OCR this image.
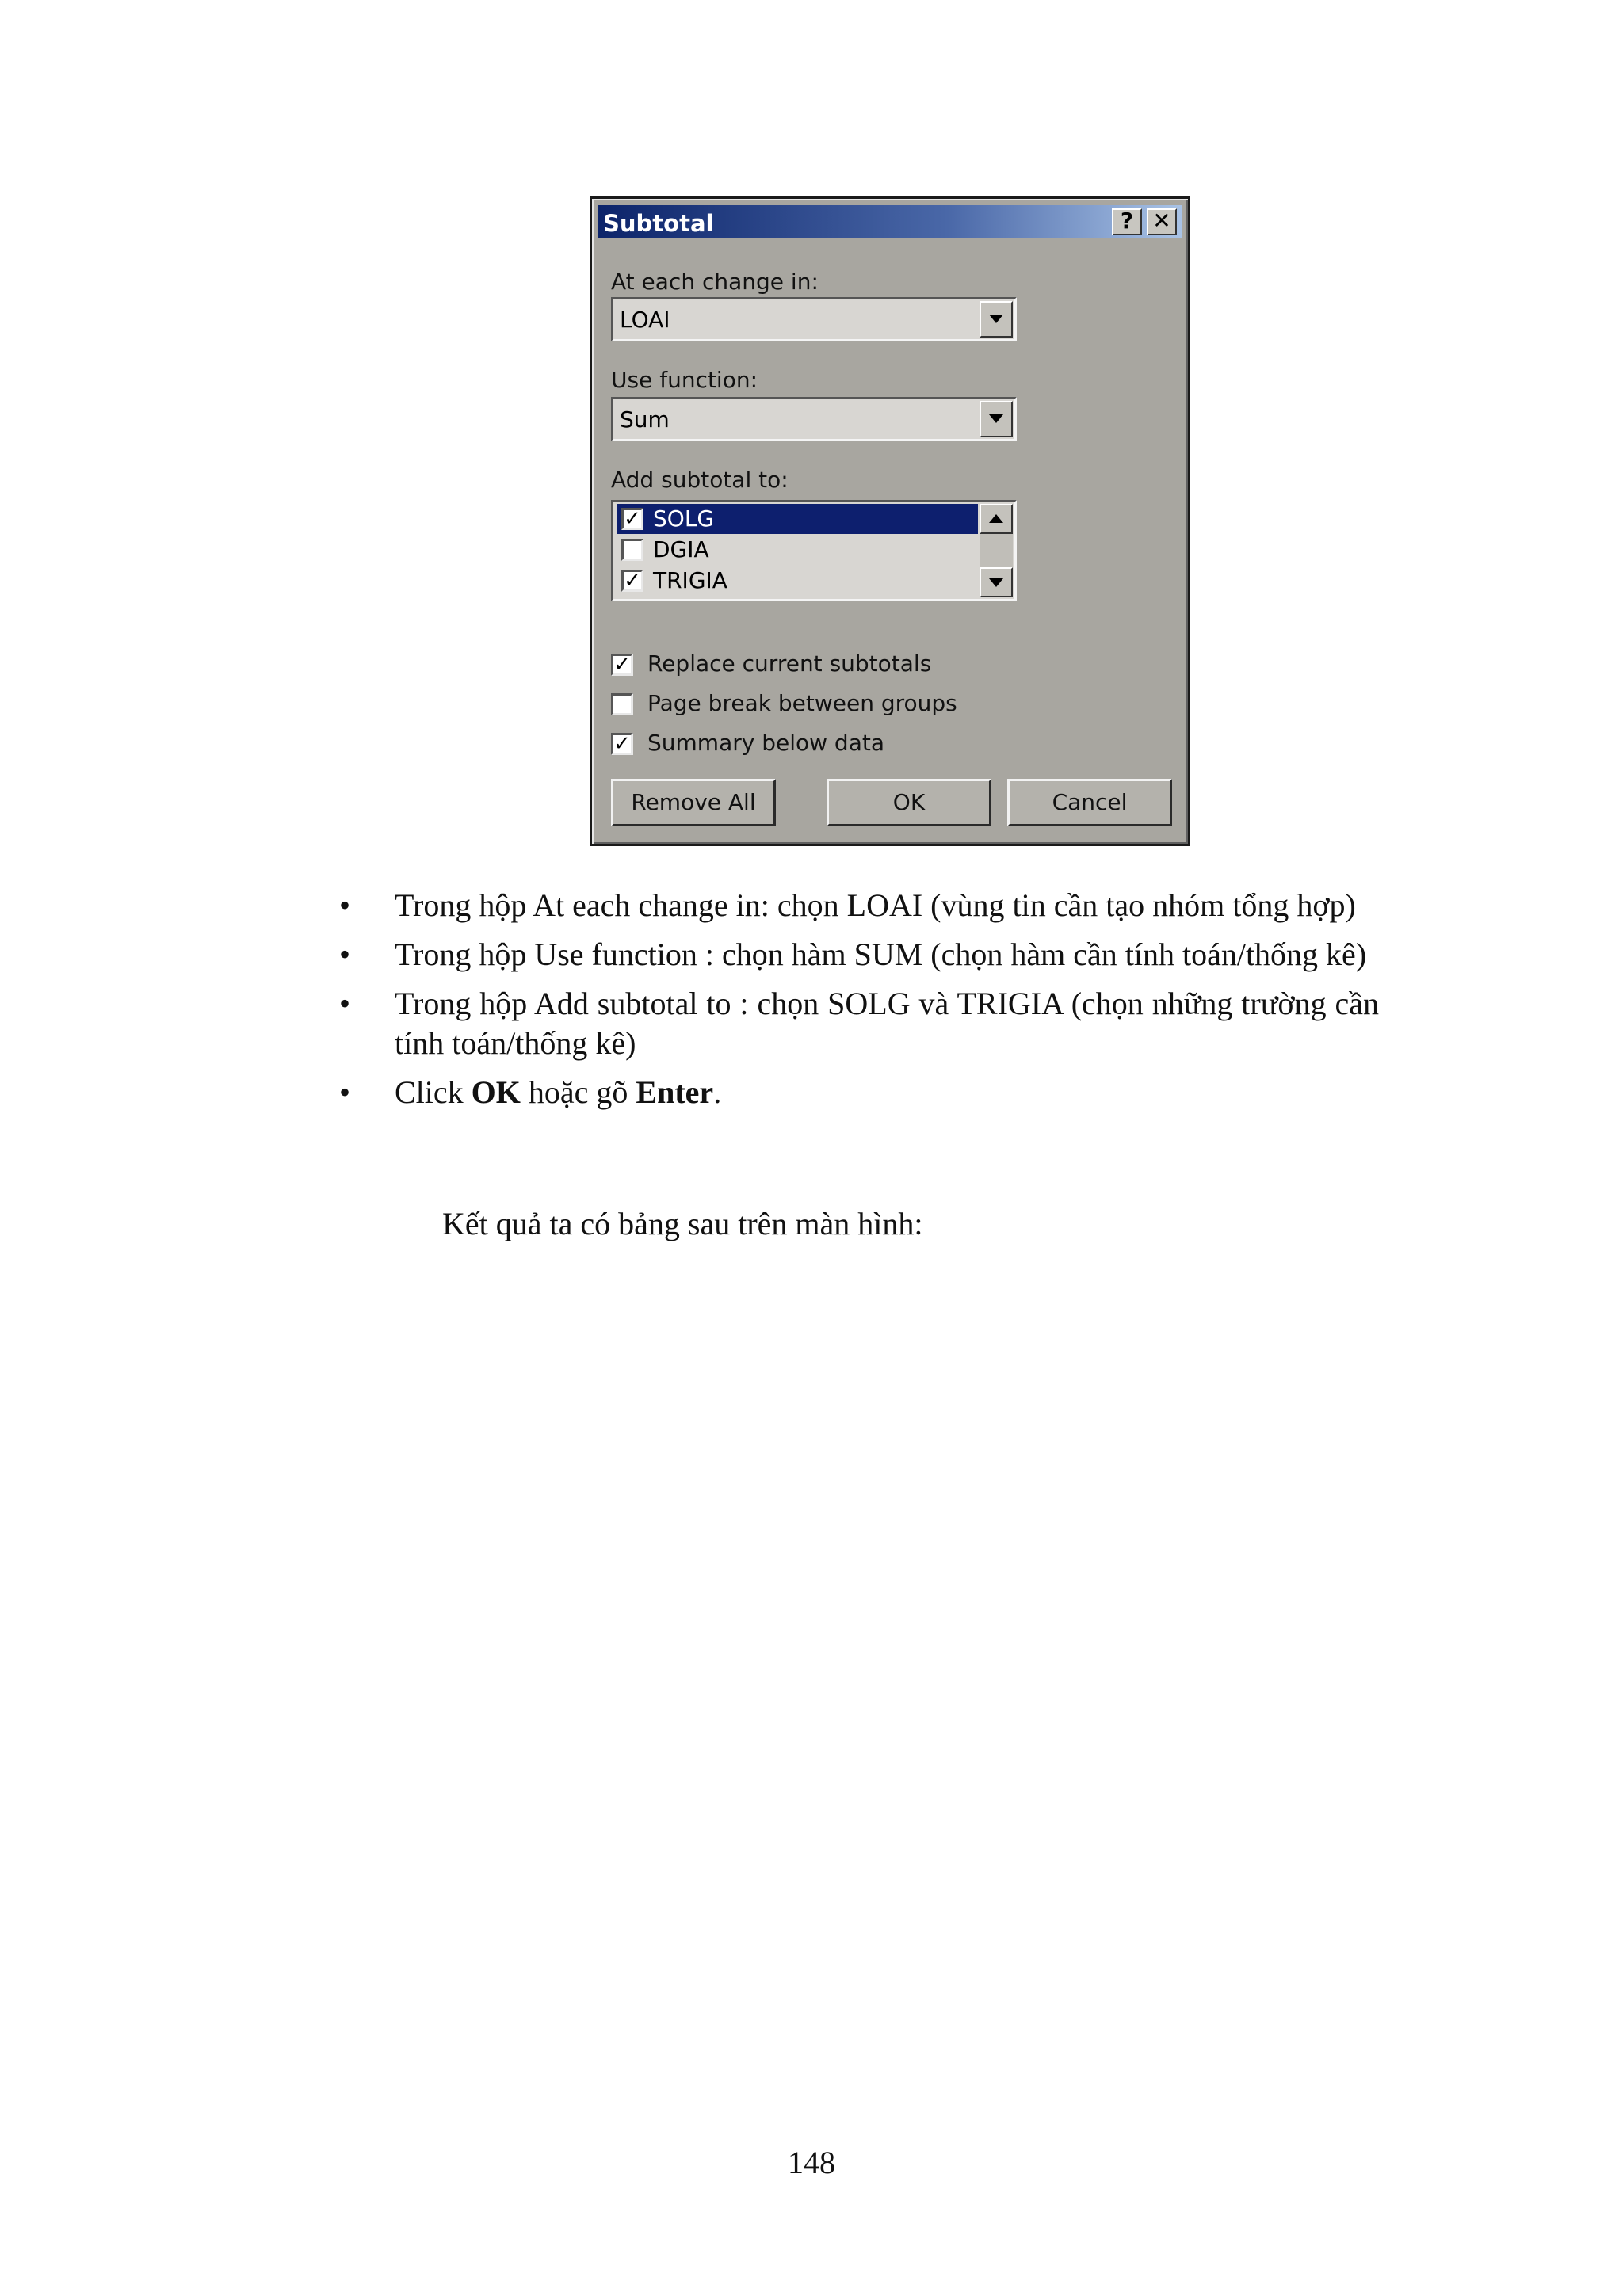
Subtotal	? ✕
At each change in:
LOAI
Use function:
Sum
Add subtotal to:
✓ SOLG
DGIA
✓ TRIGIA
✓ Replace current subtotals
Page break between groups
✓ Summary below data
Remove All	OK	Cancel
• Trong hộp At each change in: chọn LOAI (vùng tin cần tạo nhóm tổng hợp)
• Trong hộp Use function : chọn hàm SUM (chọn hàm cần tính toán/thống kê)
• Trong hộp Add subtotal to : chọn SOLG và TRIGIA (chọn những trường cần tính toán/thống kê)
• Click OK hoặc gõ Enter.
Kết quả ta có bảng sau trên màn hình:
148
